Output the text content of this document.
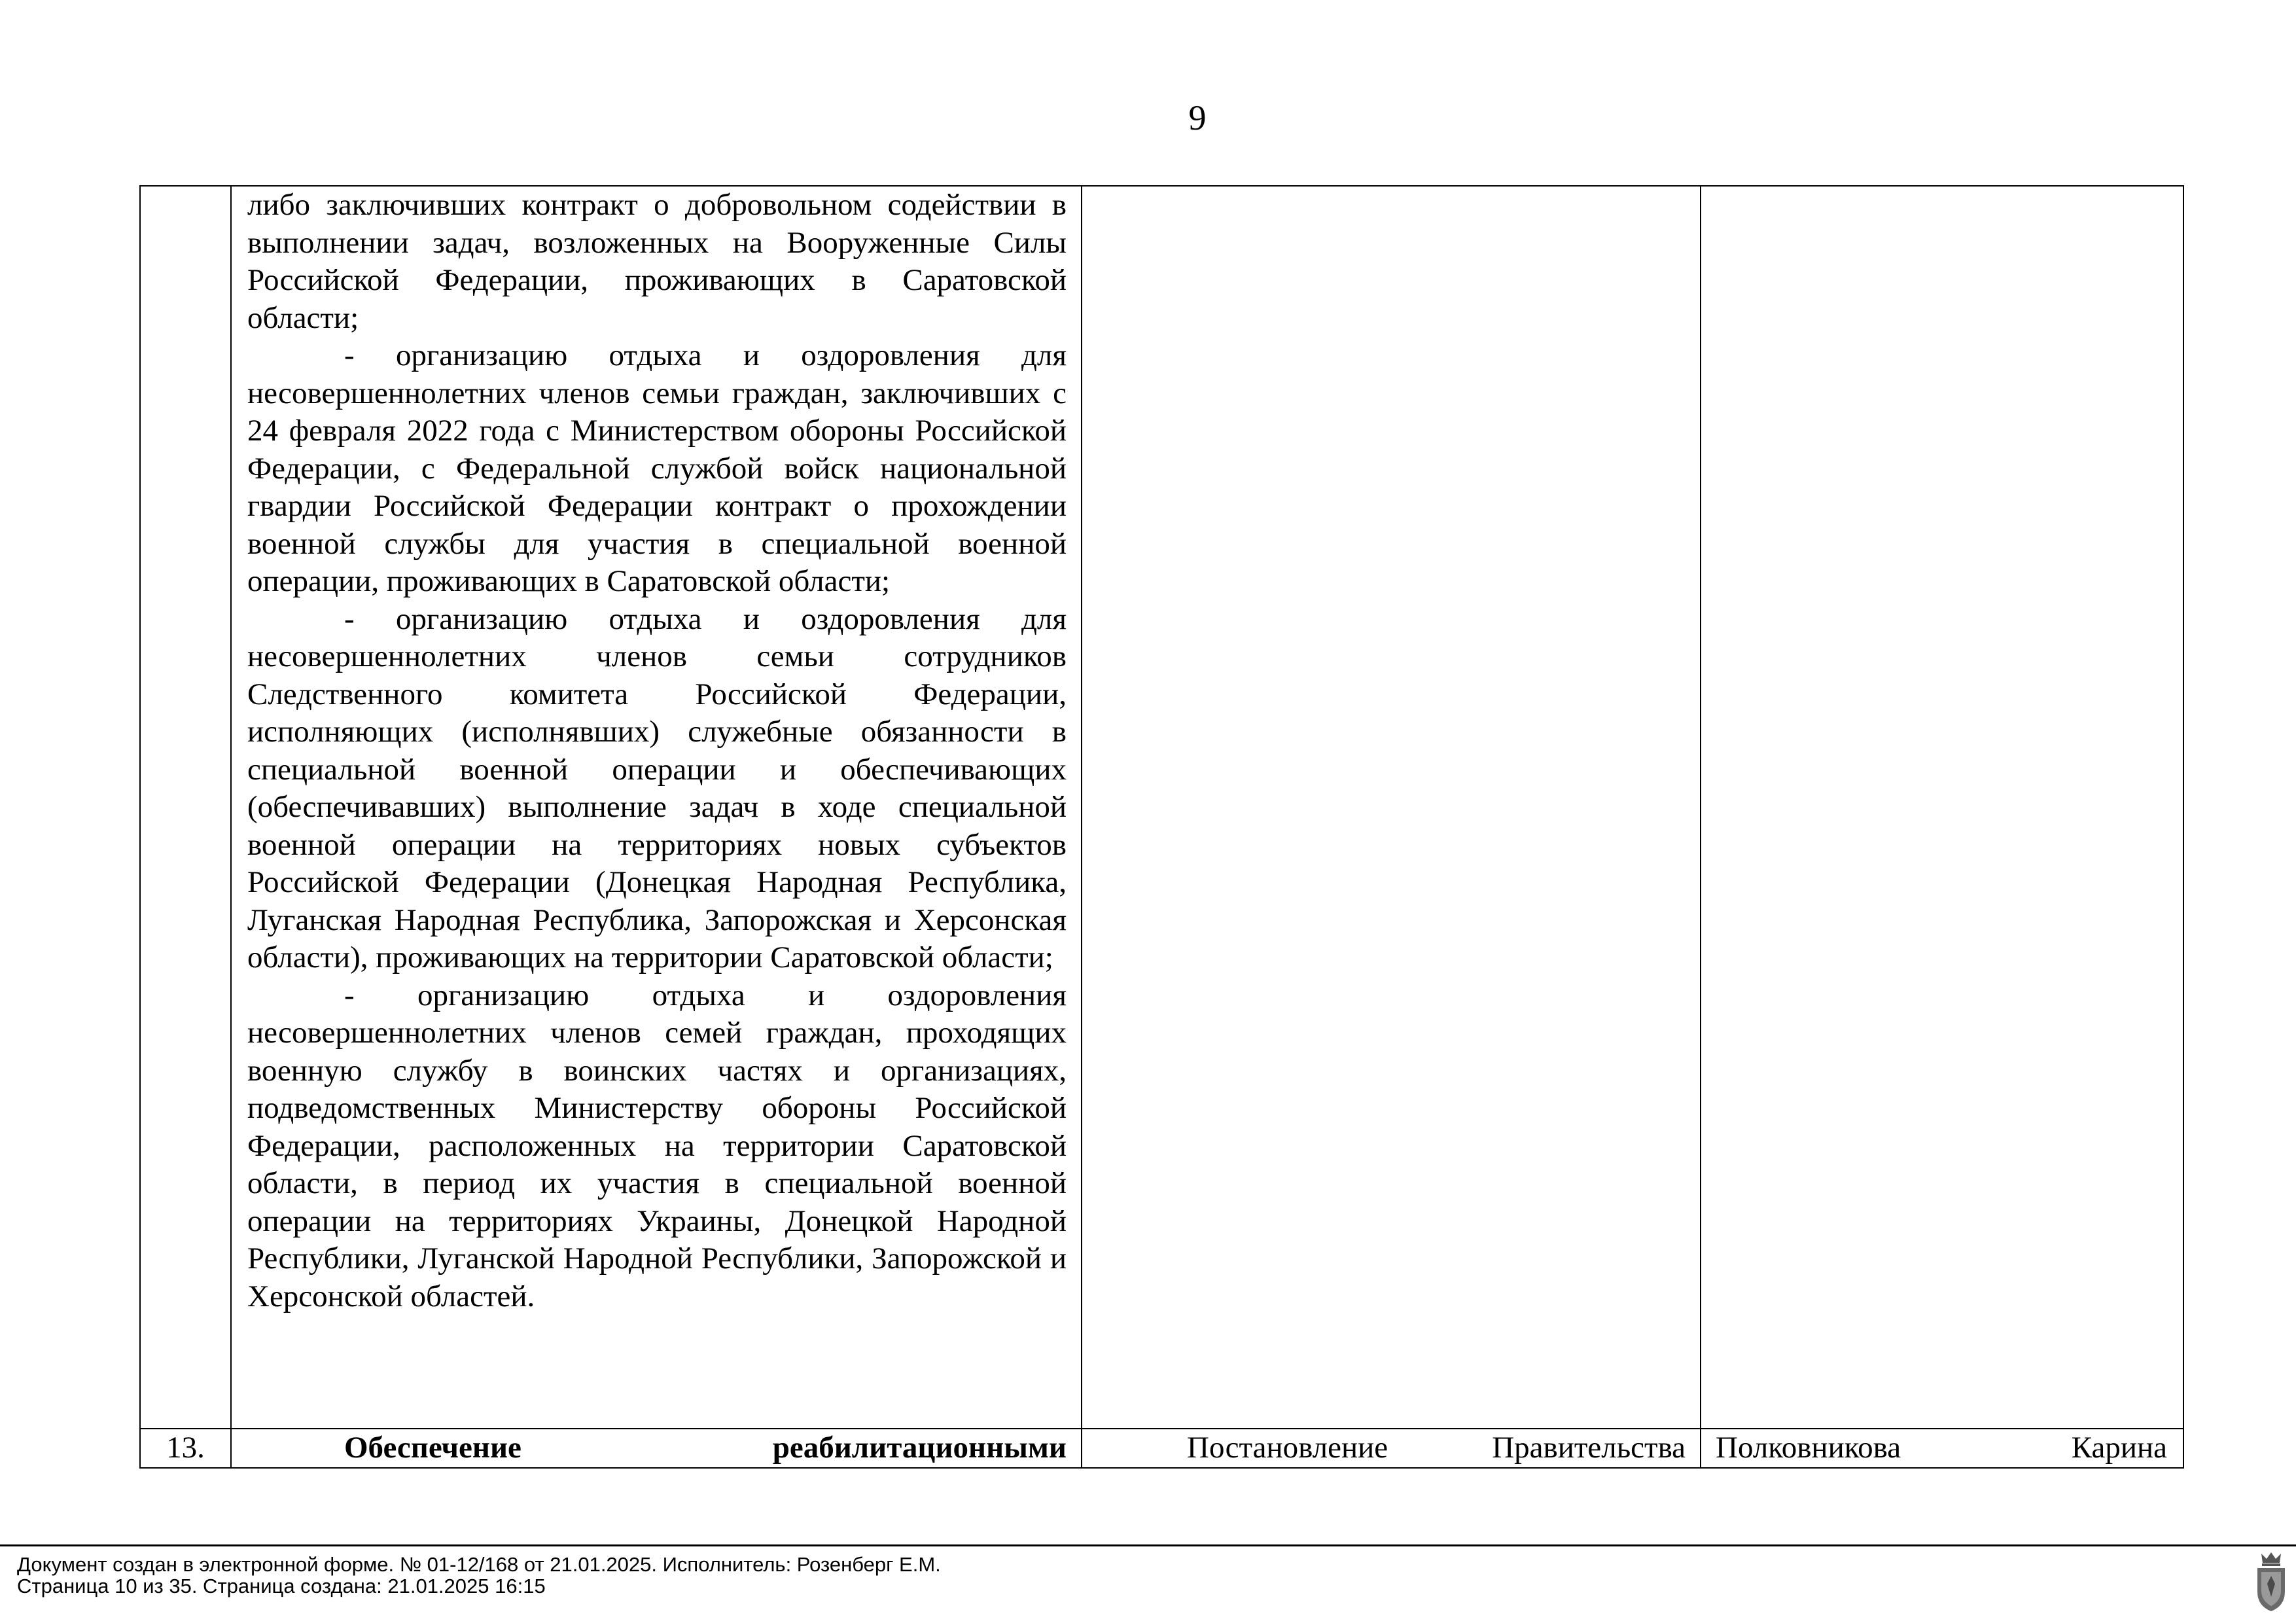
9

	либо заключивших контракт о добровольном содействии в выполнении задач, возложенных на Вооруженные Силы Российской Федерации, проживающих в Саратовской области;

- организацию отдыха и оздоровления для несовершеннолетних членов семьи граждан, заключивших с 24 февраля 2022 года с Министерством обороны Российской Федерации, с Федеральной службой войск национальной гвардии Российской Федерации контракт о прохождении военной службы для участия в специальной военной операции, проживающих в Саратовской области;

- организацию отдыха и оздоровления для несовершеннолетних членов семьи сотрудников Следственного комитета Российской Федерации, исполняющих (исполнявших) служебные обязанности в специальной военной операции и обеспечивающих (обеспечивавших) выполнение задач в ходе специальной военной операции на территориях новых субъектов Российской Федерации (Донецкая Народная Республика, Луганская Народная Республика, Запорожская и Херсонская области), проживающих на территории Саратовской области;

- организацию отдыха и оздоровления несовершеннолетних членов семей граждан, проходящих военную службу в воинских частях и организациях, подведомственных Министерству обороны Российской Федерации, расположенных на территории Саратовской области, в период их участия в специальной военной операции на территориях Украины, Донецкой Народной Республики, Луганской Народной Республики, Запорожской и Херсонской областей.		

13.	Обеспечение реабилитационными	Постановление Правительства	Полковникова Карина
Документ создан в электронной форме. № 01-12/168 от 21.01.2025. Исполнитель: Розенберг Е.М.
Страница 10 из 35. Страница создана: 21.01.2025 16:15
